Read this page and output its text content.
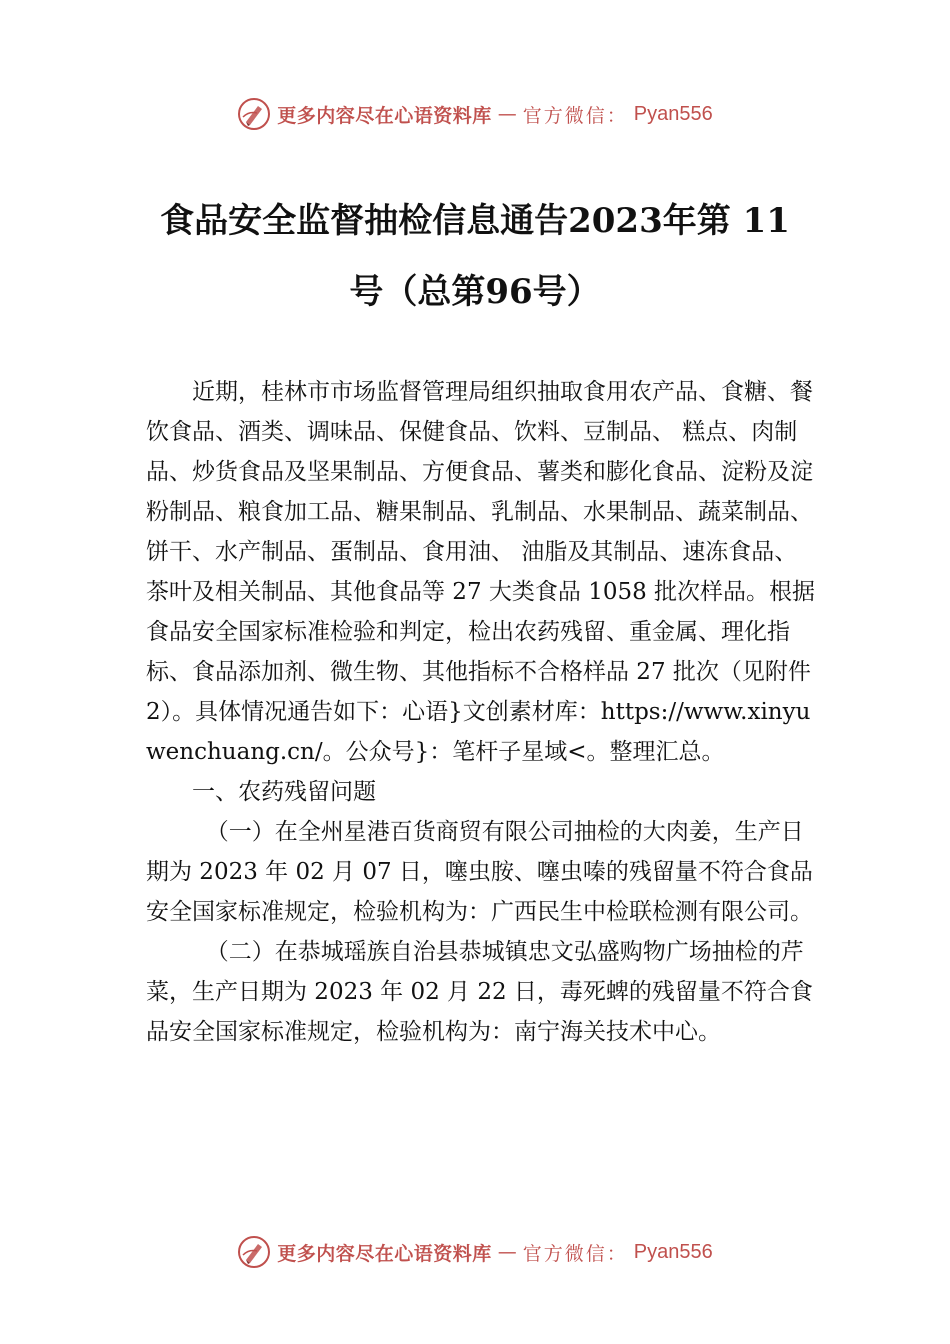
更多内容尽在心语资料库 — 官方微信： Pyan556
食品安全监督抽检信息通告2023年第 11 号（总第96号）

近期，桂林市市场监督管理局组织抽取食用农产品、食糖、餐饮食品、酒类、调味品、保健食品、饮料、豆制品、 糕点、肉制品、炒货食品及坚果制品、方便食品、薯类和膨化食品、淀粉及淀粉制品、粮食加工品、糖果制品、乳制品、水果制品、蔬菜制品、饼干、水产制品、蛋制品、食用油、 油脂及其制品、速冻食品、茶叶及相关制品、其他食品等 27 大类食品 1058 批次样品。根据食品安全国家标准检验和判定，检出农药残留、重金属、理化指标、食品添加剂、微生物、其他指标不合格样品 27 批次（见附件 2）。具体情况通告如下：心语}文创素材库：https://www.xinyuwenchuang.cn/。公众号}：笔杆子星域<。整理汇总。

一、农药残留问题

（一）在全州星港百货商贸有限公司抽检的大肉姜，生产日期为 2023 年 02 月 07 日，噻虫胺、噻虫嗪的残留量不符合食品安全国家标准规定，检验机构为：广西民生中检联检测有限公司。

（二）在恭城瑶族自治县恭城镇忠文弘盛购物广场抽检的芹菜，生产日期为 2023 年 02 月 22 日，毒死蜱的残留量不符合食品安全国家标准规定，检验机构为：南宁海关技术中心。

更多内容尽在心语资料库 — 官方微信： Pyan556
